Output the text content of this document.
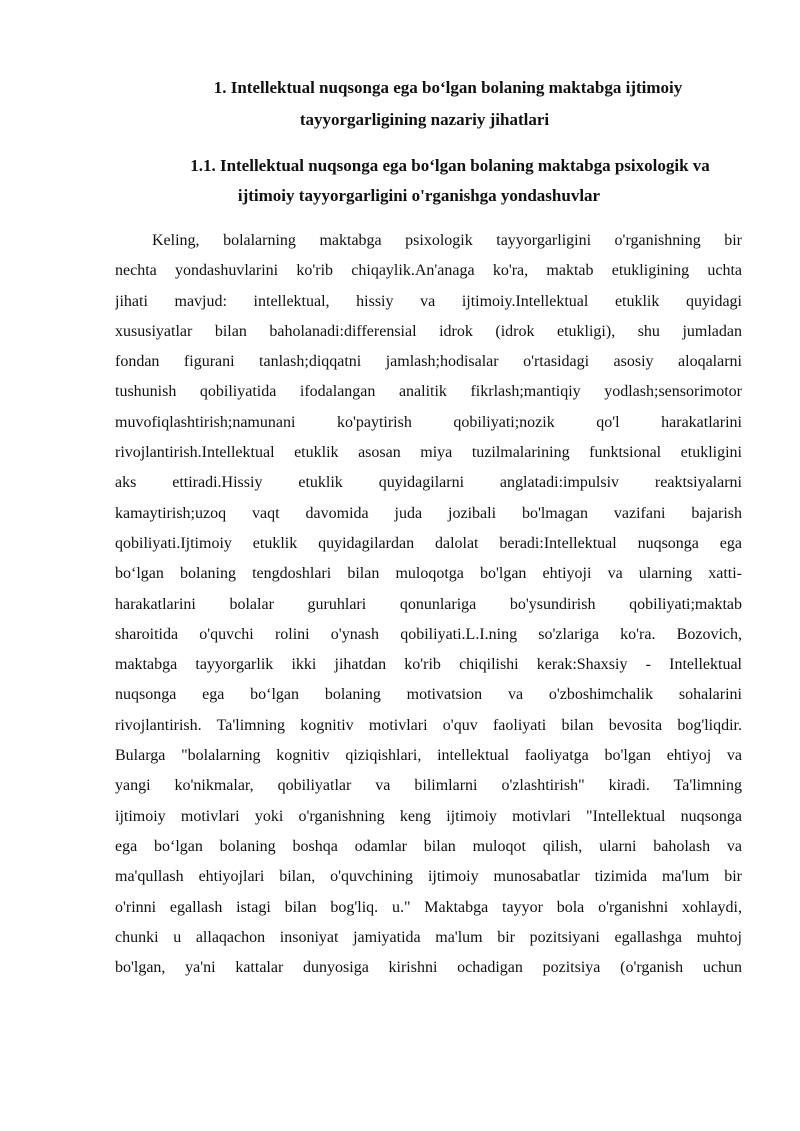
1. Intellektual nuqsonga ega bo‘lgan bolaning maktabga ijtimoiy
tayyorgarligining nazariy jihatlari
1.1. Intellektual nuqsonga ega bo‘lgan bolaning maktabga psixologik va
ijtimoiy tayyorgarligini o'rganishga yondashuvlar
Keling, bolalarning maktabga psixologik tayyorgarligini o'rganishning bir
nechta yondashuvlarini ko'rib chiqaylik.An'anaga ko'ra, maktab etukligining uchta
jihati mavjud: intellektual, hissiy va ijtimoiy.Intellektual etuklik quyidagi
xususiyatlar bilan baholanadi:differensial idrok (idrok etukligi), shu jumladan
fondan figurani tanlash;diqqatni jamlash;hodisalar o'rtasidagi asosiy aloqalarni
tushunish qobiliyatida ifodalangan analitik fikrlash;mantiqiy yodlash;sensorimotor
muvofiqlashtirish;namunani ko'paytirish qobiliyati;nozik qo'l harakatlarini
rivojlantirish.Intellektual etuklik asosan miya tuzilmalarining funktsional etukligini
aks ettiradi.Hissiy etuklik quyidagilarni anglatadi:impulsiv reaktsiyalarni
kamaytirish;uzoq vaqt davomida juda jozibali bo'lmagan vazifani bajarish
qobiliyati.Ijtimoiy etuklik quyidagilardan dalolat beradi:Intellektual nuqsonga ega
bo‘lgan bolaning tengdoshlari bilan muloqotga bo'lgan ehtiyoji va ularning xatti-
harakatlarini bolalar guruhlari qonunlariga bo'ysundirish qobiliyati;maktab
sharoitida o'quvchi rolini o'ynash qobiliyati.L.I.ning so'zlariga ko'ra. Bozovich,
maktabga tayyorgarlik ikki jihatdan ko'rib chiqilishi kerak:Shaxsiy - Intellektual
nuqsonga ega bo‘lgan bolaning motivatsion va o'zboshimchalik sohalarini
rivojlantirish. Ta'limning kognitiv motivlari o'quv faoliyati bilan bevosita bog'liqdir.
Bularga "bolalarning kognitiv qiziqishlari, intellektual faoliyatga bo'lgan ehtiyoj va
yangi ko'nikmalar, qobiliyatlar va bilimlarni o'zlashtirish" kiradi. Ta'limning
ijtimoiy motivlari yoki o'rganishning keng ijtimoiy motivlari "Intellektual nuqsonga
ega bo‘lgan bolaning boshqa odamlar bilan muloqot qilish, ularni baholash va
ma'qullash ehtiyojlari bilan, o'quvchining ijtimoiy munosabatlar tizimida ma'lum bir
o'rinni egallash istagi bilan bog'liq. u." Maktabga tayyor bola o'rganishni xohlaydi,
chunki u allaqachon insoniyat jamiyatida ma'lum bir pozitsiyani egallashga muhtoj
bo'lgan, ya'ni kattalar dunyosiga kirishni ochadigan pozitsiya (o'rganish uchun
